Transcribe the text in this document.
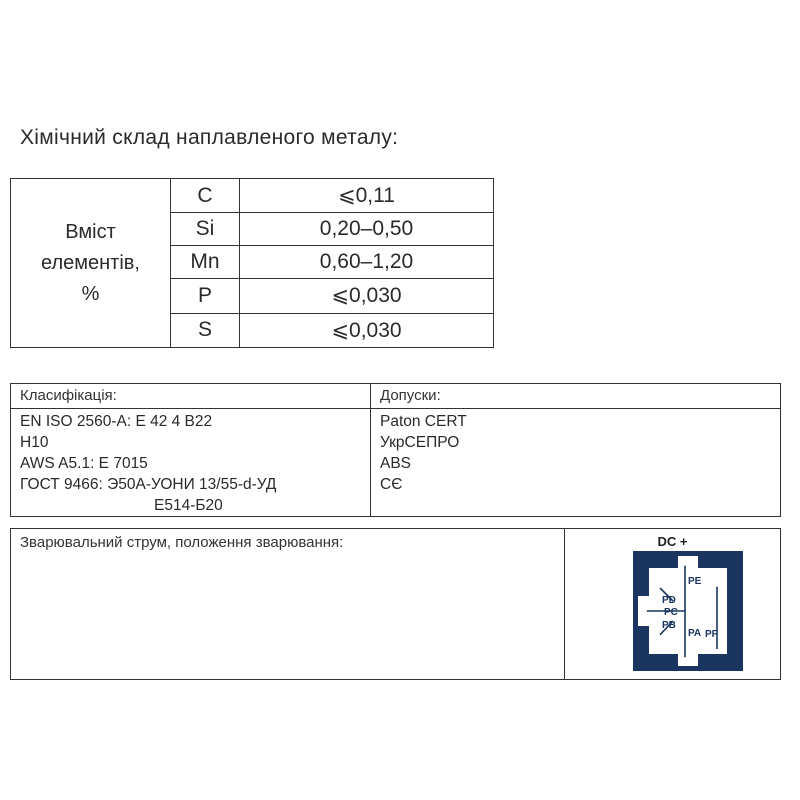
Хімічний склад наплавленого металу:
Вміст
елементів,
%	C	⩽0,11
	Si	0,20–0,50
	Mn	0,60–1,20
	P	⩽0,030
	S	⩽0,030
Класифікація:
EN ISO 2560-A: E 42 4 B22
H10
AWS A5.1: E 7015
ГОСТ 9466: Э50А-УОНИ 13/55-d-УД
Е514-Б20
Допуски:
Paton CERT
УкрСЕПРО
ABS
CЄ
Зварювальний струм, положення зварювання:	DC +
PE
PD
PC
PB
PA PF
